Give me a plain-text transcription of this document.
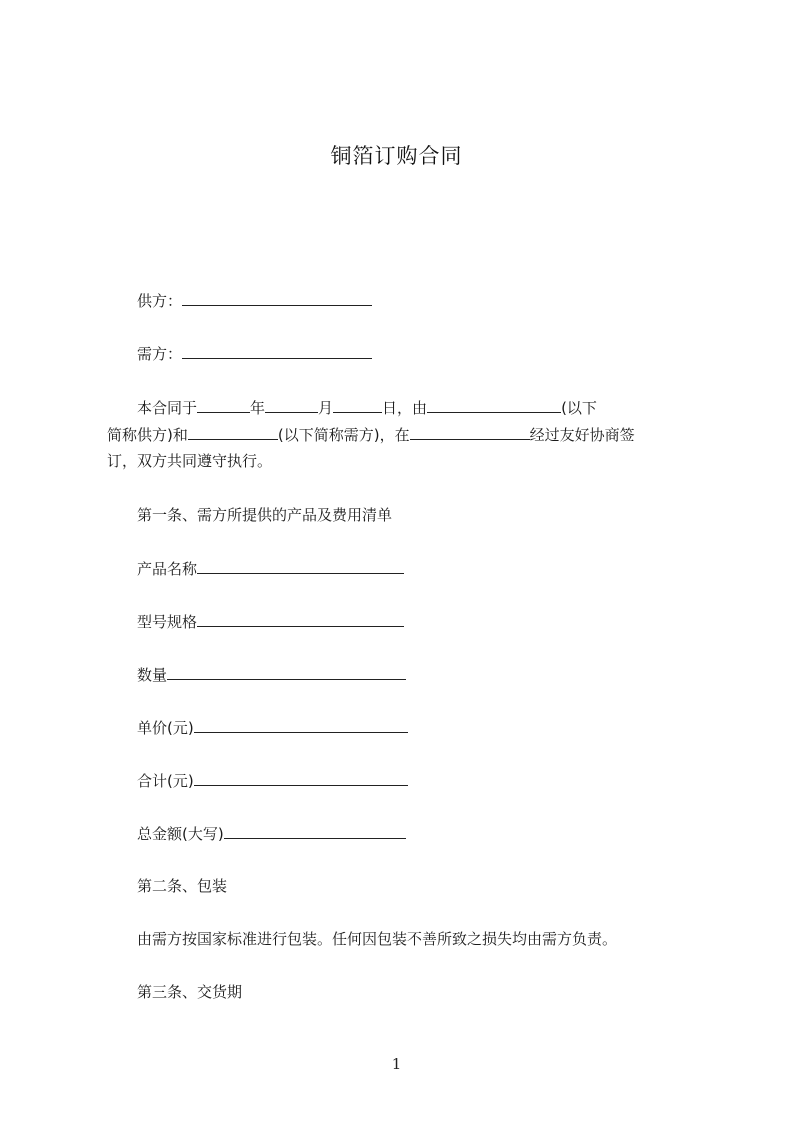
铜箔订购合同
供方：
需方：
本合同于	年	月	日，由	(以下
简称供方)和	(以下简称需方)，在	经过友好协商签
订，双方共同遵守执行。
第一条、需方所提供的产品及费用清单
产品名称
型号规格
数量
单价(元)
合计(元)
总金额(大写)
第二条、包装
由需方按国家标准进行包装。任何因包装不善所致之损失均由需方负责。
第三条、交货期
1
